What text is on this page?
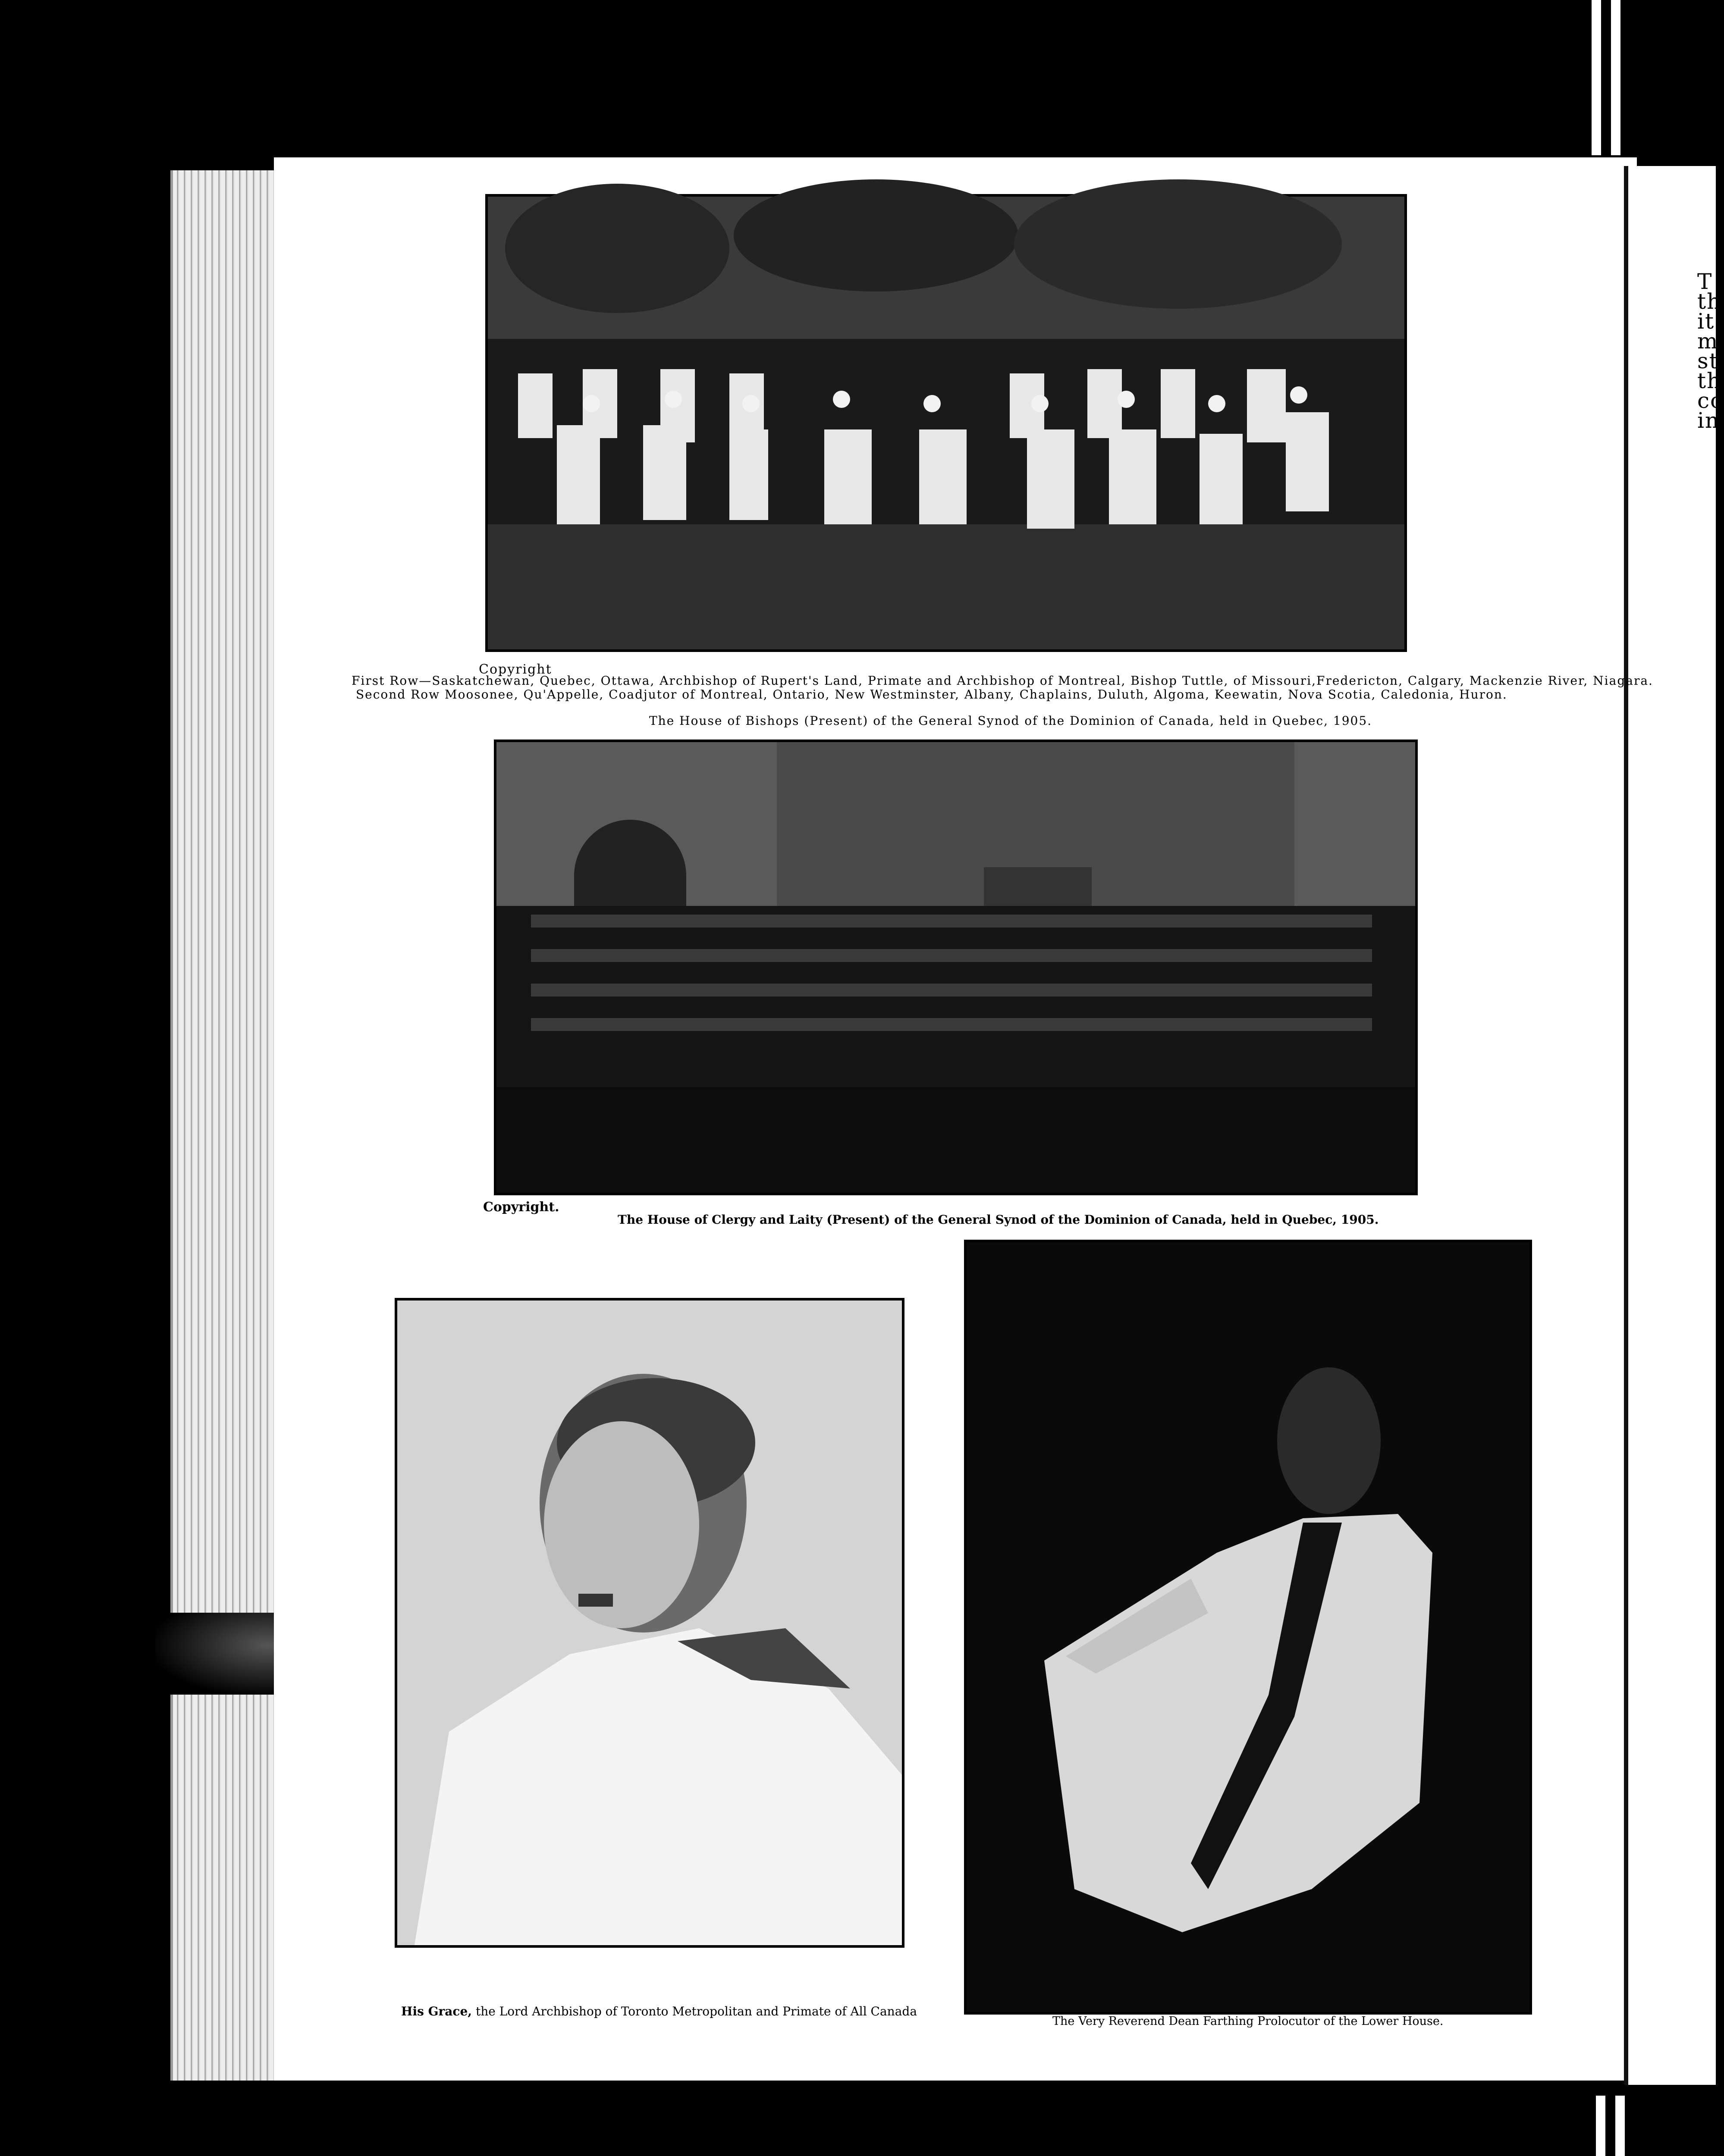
T
th
it
m
st
th
co
in
Copyright
First Row—Saskatchewan, Quebec, Ottawa, Archbishop of Rupert's Land, Primate and Archbishop of Montreal, Bishop Tuttle, of Missouri,Fredericton, Calgary, Mackenzie River, Niagara.
Second Row Moosonee, Qu'Appelle, Coadjutor of Montreal, Ontario, New Westminster, Albany, Chaplains, Duluth, Algoma, Keewatin, Nova Scotia, Caledonia, Huron.
The House of Bishops (Present) of the General Synod of the Dominion of Canada, held in Quebec, 1905.
Copyright.
The House of Clergy and Laity (Present) of the General Synod of the Dominion of Canada, held in Quebec, 1905.
His Grace, the Lord Archbishop of Toronto Metropolitan and Primate of All Canada
The Very Reverend Dean Farthing Prolocutor of the Lower House.
